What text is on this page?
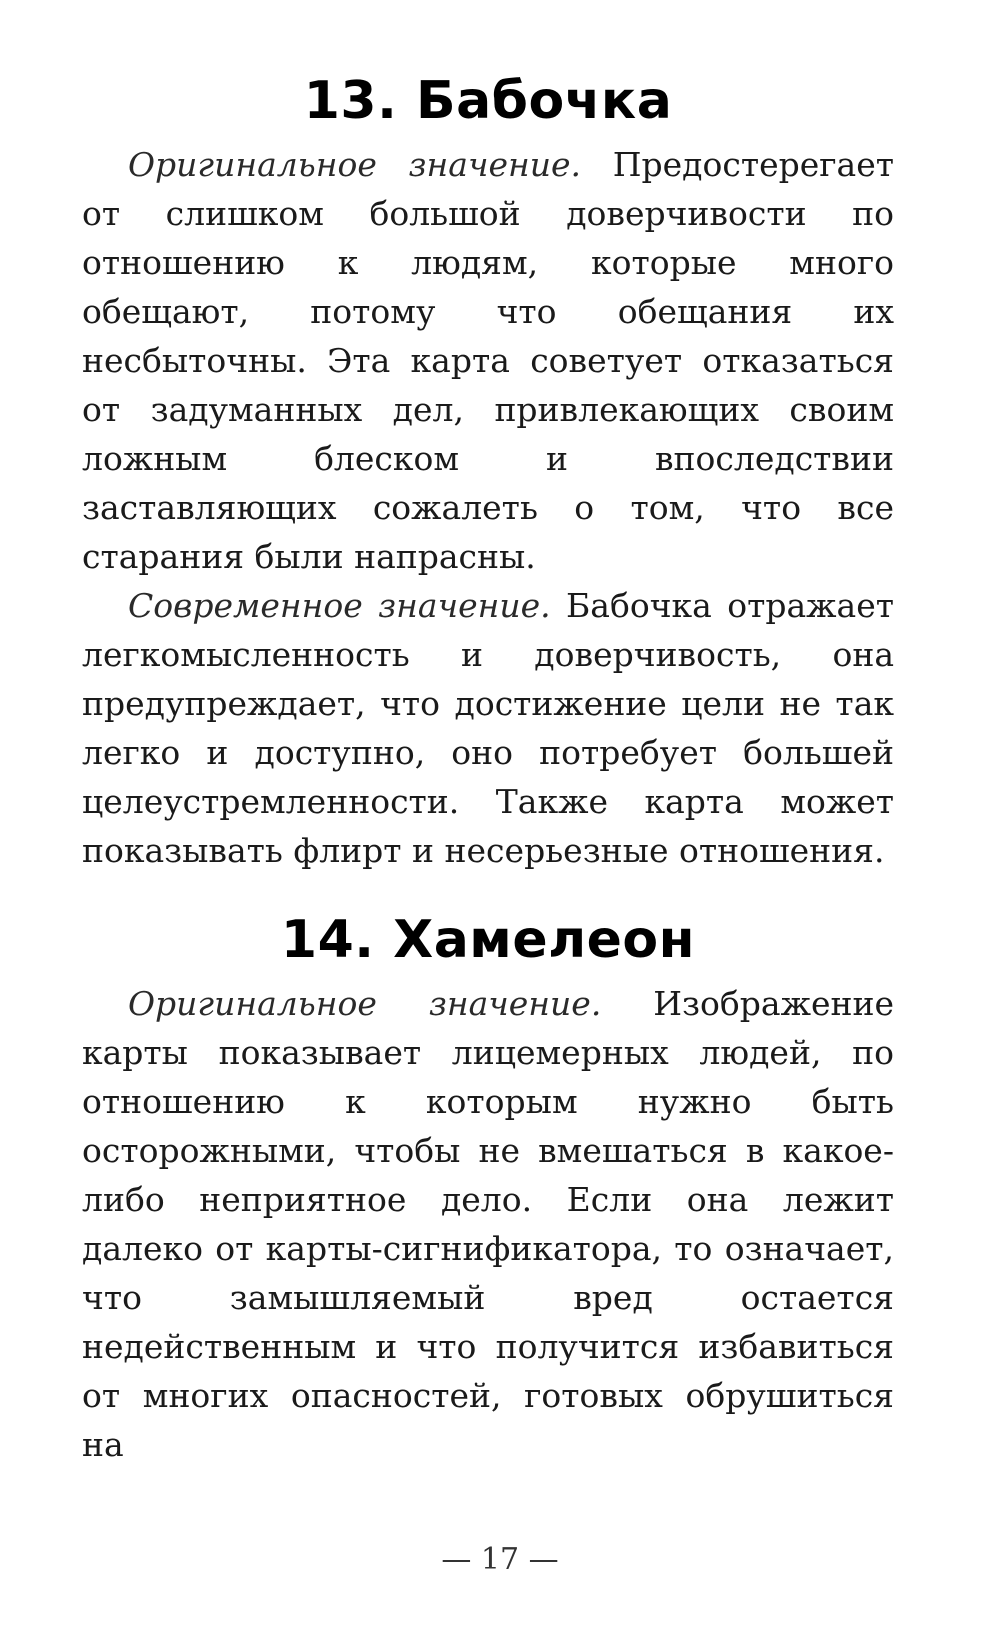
13. Бабочка

Оригинальное значение. Предостерегает от слишком большой доверчивости по отношению к людям, которые много обещают, потому что обещания их несбыточны. Эта карта советует отказаться от задуманных дел, привлекающих своим ложным блеском и впоследствии заставляющих сожалеть о том, что все старания были напрасны.

Современное значение. Бабочка отражает легкомысленность и доверчивость, она предупреждает, что достижение цели не так легко и доступно, оно потребует большей целеустремленности. Также карта может показывать флирт и несерьезные отношения.

14. Хамелеон

Оригинальное значение. Изображение карты показывает лицемерных людей, по отношению к которым нужно быть осторожными, чтобы не вмешаться в какое-либо неприятное дело. Если она лежит далеко от карты-сигнификатора, то означает, что замышляемый вред остается недейственным и что получится избавиться от многих опасностей, готовых обрушиться на

— 17 —
